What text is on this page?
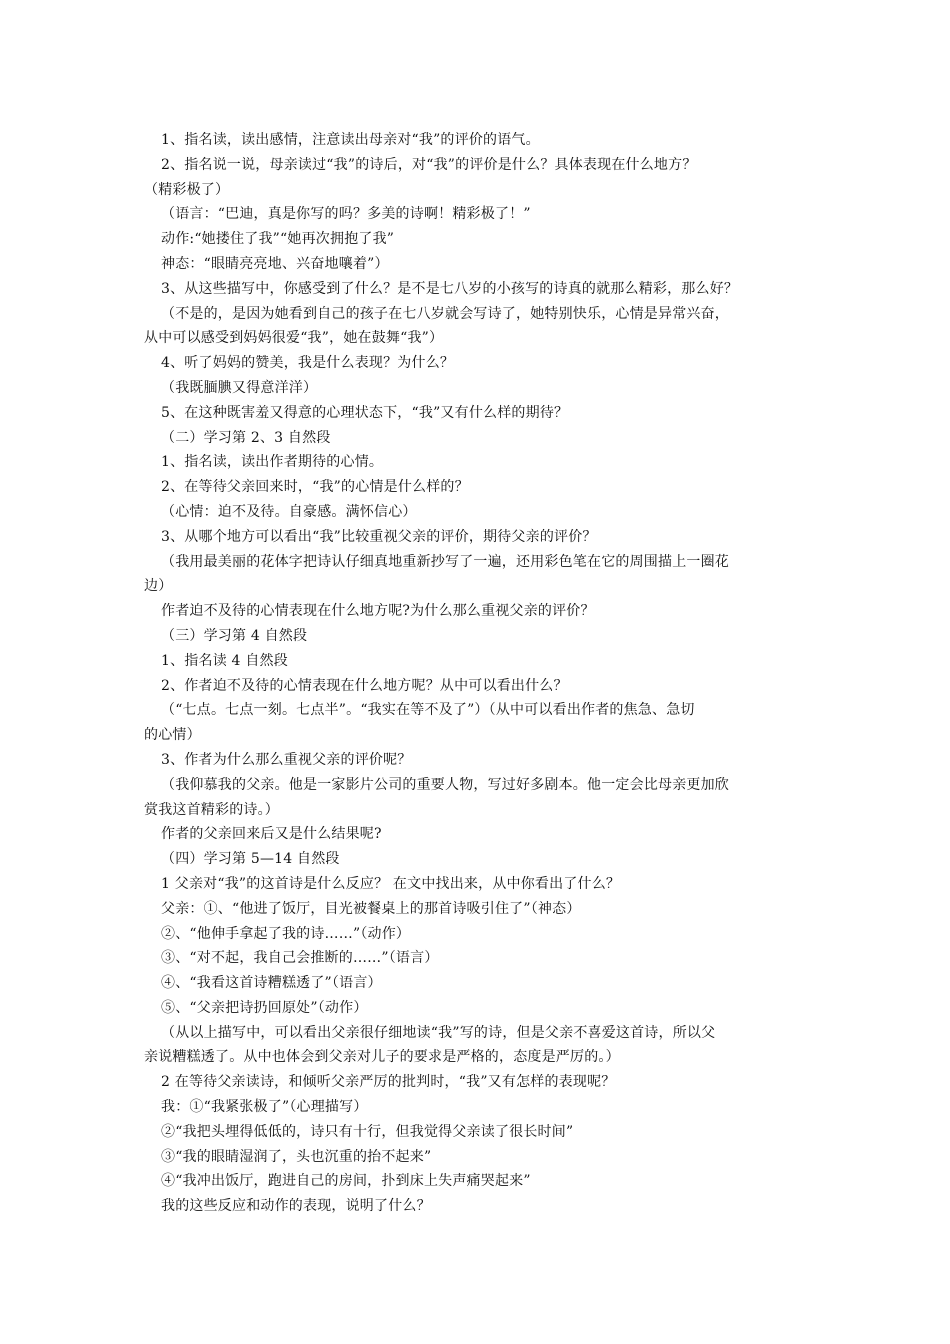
1、指名读，读出感情，注意读出母亲对“我”的评价的语气。
2、指名说一说，母亲读过“我”的诗后，对“我”的评价是什么？具体表现在什么地方？
（精彩极了）
（语言：“巴迪，真是你写的吗？多美的诗啊！精彩极了！”
动作:“她搂住了我”“她再次拥抱了我”
神态：“眼睛亮亮地、兴奋地嚷着”）
3、从这些描写中，你感受到了什么？是不是七八岁的小孩写的诗真的就那么精彩，那么好？
（不是的，是因为她看到自己的孩子在七八岁就会写诗了，她特别快乐，心情是异常兴奋，
从中可以感受到妈妈很爱“我”，她在鼓舞“我”）
4、听了妈妈的赞美，我是什么表现？为什么？
（我既腼腆又得意洋洋）
5、在这种既害羞又得意的心理状态下，“我”又有什么样的期待？
（二）学习第 2、3 自然段
1、指名读，读出作者期待的心情。
2、在等待父亲回来时，“我”的心情是什么样的？
（心情：迫不及待。自豪感。满怀信心）
3、从哪个地方可以看出“我”比较重视父亲的评价，期待父亲的评价？
（我用最美丽的花体字把诗认仔细真地重新抄写了一遍，还用彩色笔在它的周围描上一圈花
边）
作者迫不及待的心情表现在什么地方呢?为什么那么重视父亲的评价？
（三）学习第 4 自然段
1、指名读 4 自然段
2、作者迫不及待的心情表现在什么地方呢？从中可以看出什么？
（“七点。七点一刻。七点半”。“我实在等不及了”）（从中可以看出作者的焦急、急切
的心情）
3、作者为什么那么重视父亲的评价呢？
（我仰慕我的父亲。他是一家影片公司的重要人物，写过好多剧本。他一定会比母亲更加欣
赏我这首精彩的诗。）
作者的父亲回来后又是什么结果呢?
（四）学习第 5—14 自然段
1 父亲对“我”的这首诗是什么反应？ 在文中找出来，从中你看出了什么？
父亲：①、“他进了饭厅，目光被餐桌上的那首诗吸引住了”（神态）
②、“他伸手拿起了我的诗……”（动作）
③、“对不起，我自己会推断的……”（语言）
④、“我看这首诗糟糕透了”（语言）
⑤、“父亲把诗扔回原处”（动作）
（从以上描写中，可以看出父亲很仔细地读“我”写的诗，但是父亲不喜爱这首诗，所以父
亲说糟糕透了。从中也体会到父亲对儿子的要求是严格的，态度是严厉的。）
2 在等待父亲读诗，和倾听父亲严厉的批判时，“我”又有怎样的表现呢？
我：①“我紧张极了”（心理描写）
②“我把头埋得低低的，诗只有十行，但我觉得父亲读了很长时间”
③“我的眼睛湿润了，头也沉重的抬不起来”
④“我冲出饭厅，跑进自己的房间，扑到床上失声痛哭起来”
我的这些反应和动作的表现，说明了什么？
